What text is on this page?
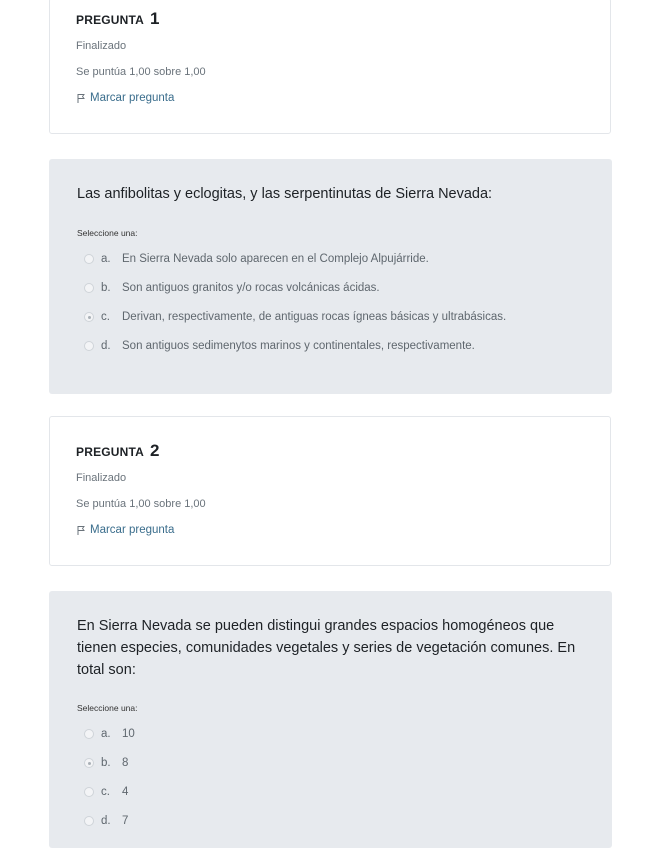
PREGUNTA 1
Finalizado
Se puntúa 1,00 sobre 1,00
Marcar pregunta
Las anfibolitas y eclogitas, y las serpentinutas de Sierra Nevada:
Seleccione una:
a. En Sierra Nevada solo aparecen en el Complejo Alpujárride.
b. Son antiguos granitos y/o rocas volcánicas ácidas.
c.	Derivan, respectivamente, de antiguas rocas ígneas básicas y ultrabásicas.
d. Son antiguos sedimenytos marinos y continentales, respectivamente.
PREGUNTA 2
Finalizado
Se puntúa 1,00 sobre 1,00
Marcar pregunta
En Sierra Nevada se pueden distingui grandes espacios homogéneos que tienen especies, comunidades vegetales y series de vegetación comunes. En total son:
Seleccione una:
a. 10
b. 8
c.	4
d. 7
